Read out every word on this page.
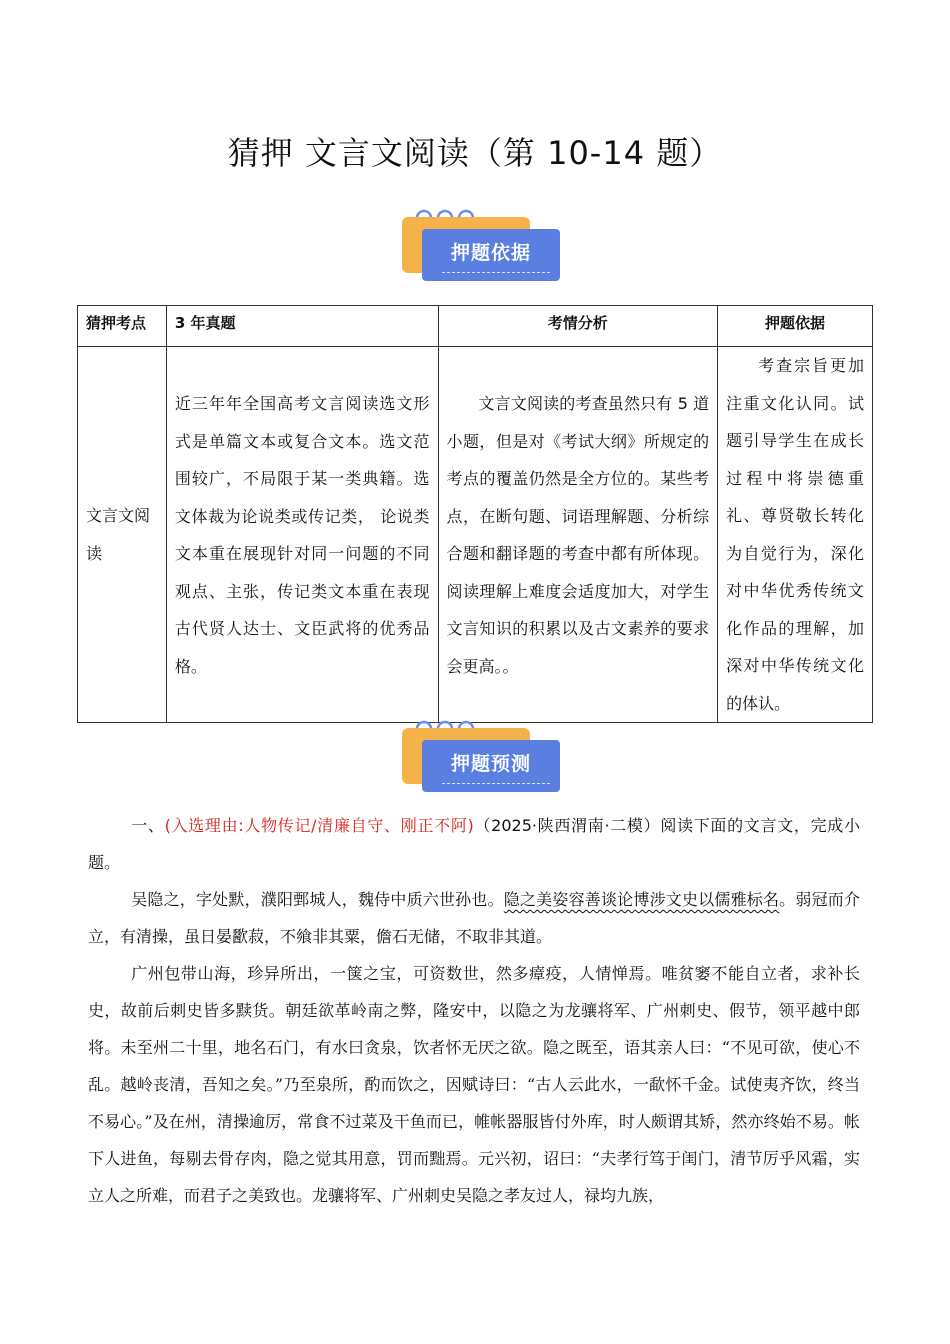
猜押 文言文阅读（第 10-14 题）
押题依据
猜押考点	3 年真题	考情分析	押题依据

文言文阅读	近三年年全国高考文言阅读选文形式是单篇文本或复合文本。选文范围较广，不局限于某一类典籍。选文体裁为论说类或传记类， 论说类文本重在展现针对同一问题的不同观点、主张，传记类文本重在表现古代贤人达士、文臣武将的优秀品格。	文言文阅读的考查虽然只有 5 道小题，但是对《考试大纲》所规定的考点的覆盖仍然是全方位的。某些考点，在断句题、词语理解题、分析综合题和翻译题的考查中都有所体现。阅读理解上难度会适度加大，对学生文言知识的积累以及古文素养的要求会更高。。	考查宗旨更加注重文化认同。试题引导学生在成长过程中将崇德重礼、尊贤敬长转化为自觉行为，深化对中华优秀传统文化作品的理解，加深对中华传统文化的体认。
押题预测
一、(入选理由:人物传记/清廉自守、刚正不阿)（2025·陕西渭南·二模）阅读下面的文言文，完成小题。
吴隐之，字处默，濮阳鄄城人，魏侍中质六世孙也。隐之美姿容善谈论博涉文史以儒雅标名。弱冠而介立，有清操，虽日晏歠菽，不飨非其粟，儋石无储，不取非其道。
广州包带山海，珍异所出，一箧之宝，可资数世，然多瘴疫，人情惮焉。唯贫窭不能自立者，求补长史，故前后刺史皆多黩货。朝廷欲革岭南之弊，隆安中，以隐之为龙骧将军、广州刺史、假节，领平越中郎将。未至州二十里，地名石门，有水曰贪泉，饮者怀无厌之欲。隐之既至，语其亲人曰：“不见可欲，使心不乱。越岭丧清，吾知之矣。”乃至泉所，酌而饮之，因赋诗曰：“古人云此水，一歃怀千金。试使夷齐饮，终当不易心。”及在州，清操逾厉，常食不过菜及干鱼而已，帷帐器服皆付外库，时人颇谓其矫，然亦终始不易。帐下人进鱼，每剔去骨存肉，隐之觉其用意，罚而黜焉。元兴初，诏曰：“夫孝行笃于闺门，清节厉乎风霜，实立人之所难，而君子之美致也。龙骧将军、广州刺史吴隐之孝友过人，禄均九族，
